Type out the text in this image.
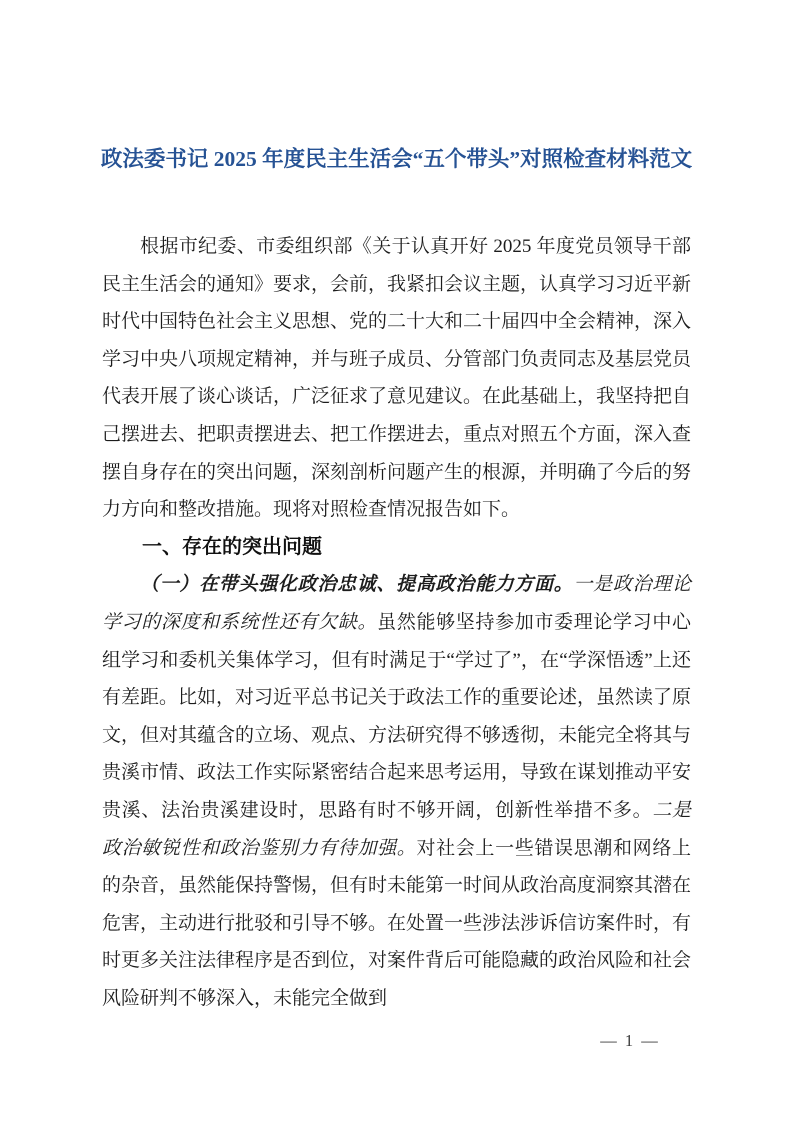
政法委书记 2025 年度民主生活会“五个带头”对照检查材料范文

根据市纪委、市委组织部《关于认真开好 2025 年度党员领导干部民主生活会的通知》要求，会前，我紧扣会议主题，认真学习习近平新时代中国特色社会主义思想、党的二十大和二十届四中全会精神，深入学习中央八项规定精神，并与班子成员、分管部门负责同志及基层党员代表开展了谈心谈话，广泛征求了意见建议。在此基础上，我坚持把自己摆进去、把职责摆进去、把工作摆进去，重点对照五个方面，深入查摆自身存在的突出问题，深刻剖析问题产生的根源，并明确了今后的努力方向和整改措施。现将对照检查情况报告如下。

一、存在的突出问题

（一）在带头强化政治忠诚、提高政治能力方面。一是政治理论学习的深度和系统性还有欠缺。虽然能够坚持参加市委理论学习中心组学习和委机关集体学习，但有时满足于“学过了”，在“学深悟透”上还有差距。比如，对习近平总书记关于政法工作的重要论述，虽然读了原文，但对其蕴含的立场、观点、方法研究得不够透彻，未能完全将其与贵溪市情、政法工作实际紧密结合起来思考运用，导致在谋划推动平安贵溪、法治贵溪建设时，思路有时不够开阔，创新性举措不多。二是政治敏锐性和政治鉴别力有待加强。对社会上一些错误思潮和网络上的杂音，虽然能保持警惕，但有时未能第一时间从政治高度洞察其潜在危害，主动进行批驳和引导不够。在处置一些涉法涉诉信访案件时，有时更多关注法律程序是否到位，对案件背后可能隐藏的政治风险和社会风险研判不够深入，未能完全做到

— 1 —
